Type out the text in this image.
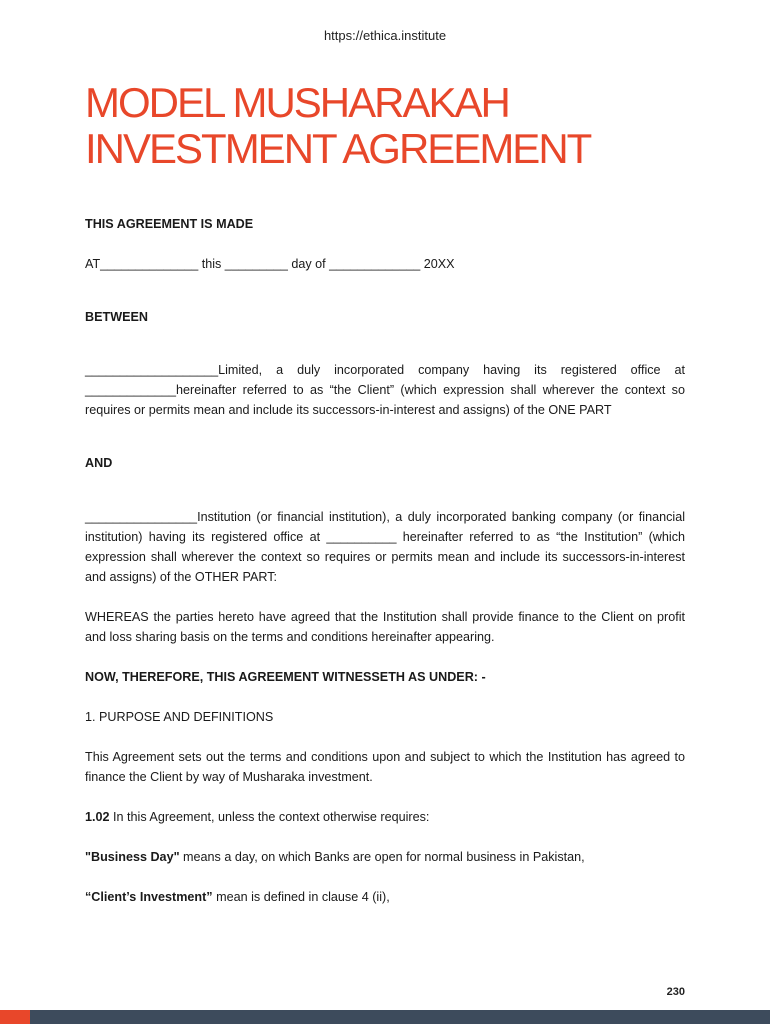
https://ethica.institute
MODEL MUSHARAKAH
INVESTMENT AGREEMENT

THIS AGREEMENT IS MADE

AT______________ this _________ day of _____________ 20XX

BETWEEN

___________________Limited, a duly incorporated company having its registered office at _____________hereinafter referred to as “the Client” (which expression shall wherever the context so requires or permits mean and include its successors-in-interest and assigns) of the ONE PART

AND

________________Institution (or financial institution), a duly incorporated banking company (or financial institution) having its registered office at __________ hereinafter referred to as “the Institution” (which expression shall wherever the context so requires or permits mean and include its successors-in-interest and assigns) of the OTHER PART:

WHEREAS the parties hereto have agreed that the Institution shall provide finance to the Client on profit and loss sharing basis on the terms and conditions hereinafter appearing.

NOW, THEREFORE, THIS AGREEMENT WITNESSETH AS UNDER: -

1. PURPOSE AND DEFINITIONS

This Agreement sets out the terms and conditions upon and subject to which the Institution has agreed to finance the Client by way of Musharaka investment.

1.02 In this Agreement, unless the context otherwise requires:

"Business Day" means a day, on which Banks are open for normal business in Pakistan,

“Client’s Investment” mean is defined in clause 4 (ii),

230
